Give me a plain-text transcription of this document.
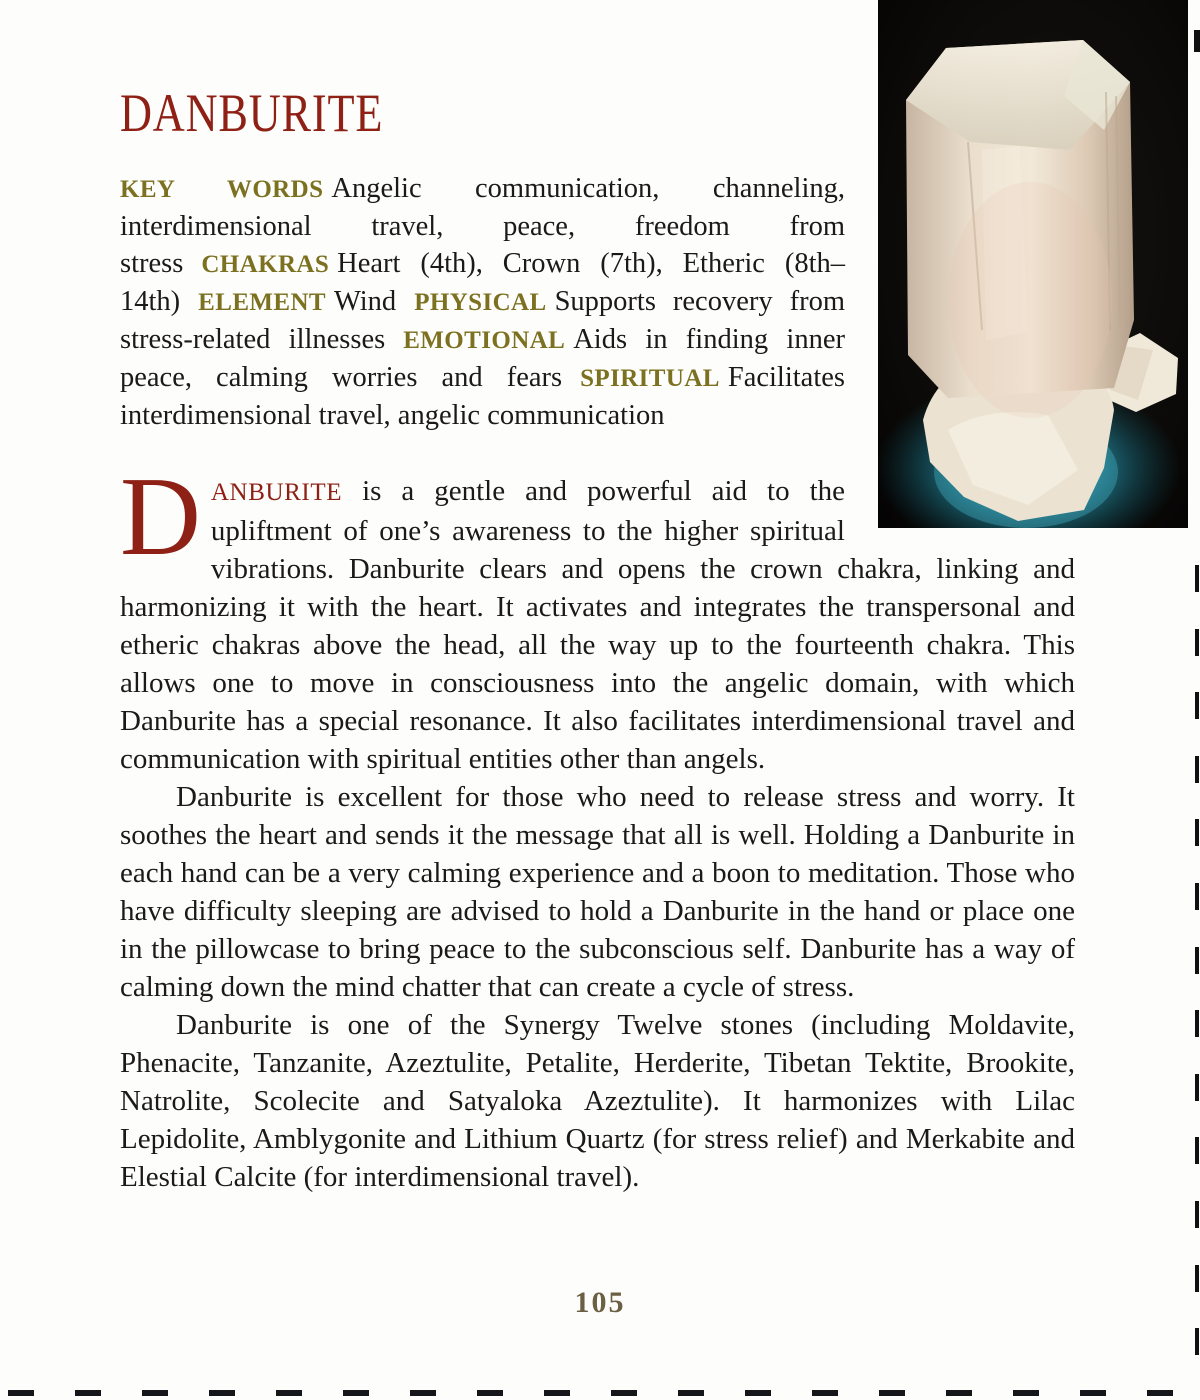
DANBURITE

KEY WORDS Angelic communication, channeling, interdimensional travel, peace, freedom from stress CHAKRAS Heart (4th), Crown (7th), Etheric (8th–14th) ELEMENT Wind PHYSICAL Supports recovery from stress-related illnesses EMOTIONAL Aids in finding inner peace, calming worries and fears SPIRITUAL Facilitates interdimensional travel, angelic communication

DANBURITE is a gentle and powerful aid to the upliftment of one’s awareness to the higher spiritual vibrations. Danburite clears and opens the crown chakra, linking and harmonizing it with the heart. It activates and integrates the transpersonal and etheric chakras above the head, all the way up to the fourteenth chakra. This allows one to move in consciousness into the angelic domain, with which Danburite has a special resonance. It also facilitates interdimensional travel and communication with spiritual entities other than angels.

Danburite is excellent for those who need to release stress and worry. It soothes the heart and sends it the message that all is well. Holding a Danburite in each hand can be a very calming experience and a boon to meditation. Those who have difficulty sleeping are advised to hold a Danburite in the hand or place one in the pillowcase to bring peace to the subconscious self. Danburite has a way of calming down the mind chatter that can create a cycle of stress.

Danburite is one of the Synergy Twelve stones (including Moldavite, Phenacite, Tanzanite, Azeztulite, Petalite, Herderite, Tibetan Tektite, Brookite, Natrolite, Scolecite and Satyaloka Azeztulite). It harmonizes with Lilac Lepidolite, Amblygonite and Lithium Quartz (for stress relief) and Merkabite and Elestial Calcite (for interdimensional travel).

105
